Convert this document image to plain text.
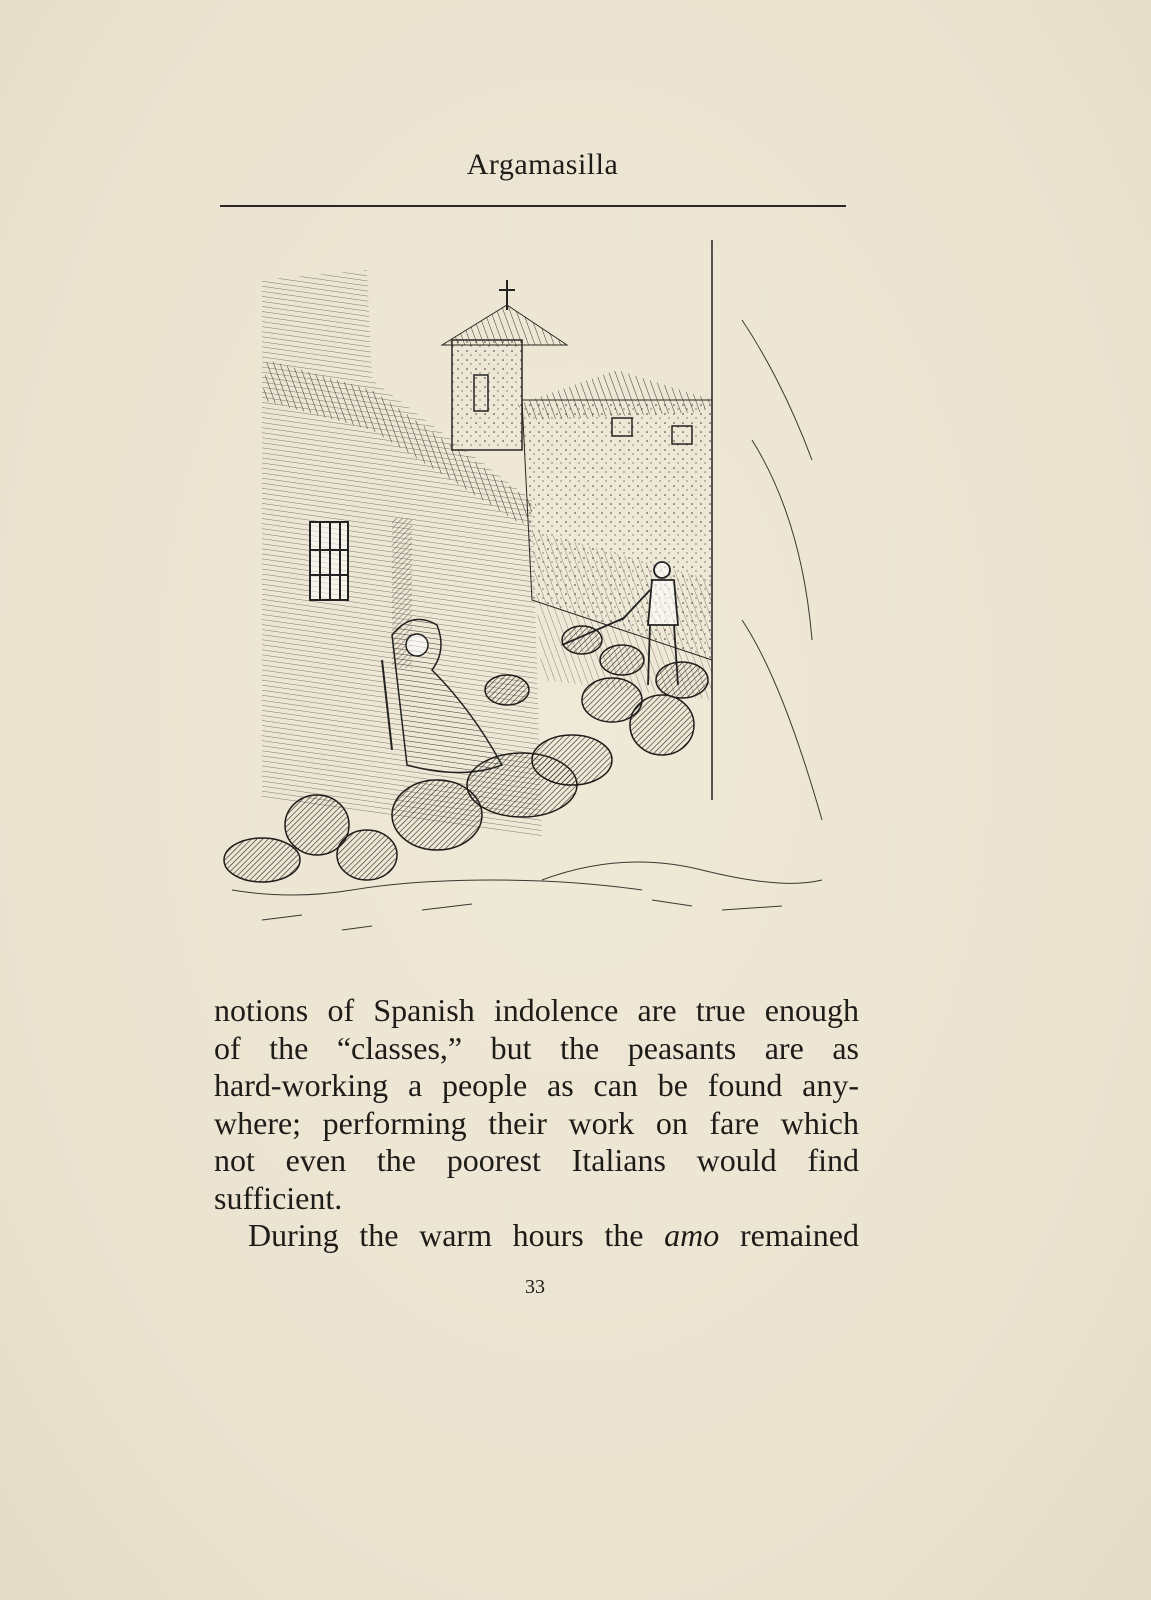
Argamasilla
notions of Spanish indolence are true enough
of the “classes,” but the peasants are as
hard-working a people as can be found any-
where; performing their work on fare which
not even the poorest Italians would find
sufficient.
During the warm hours the amo remained
33
